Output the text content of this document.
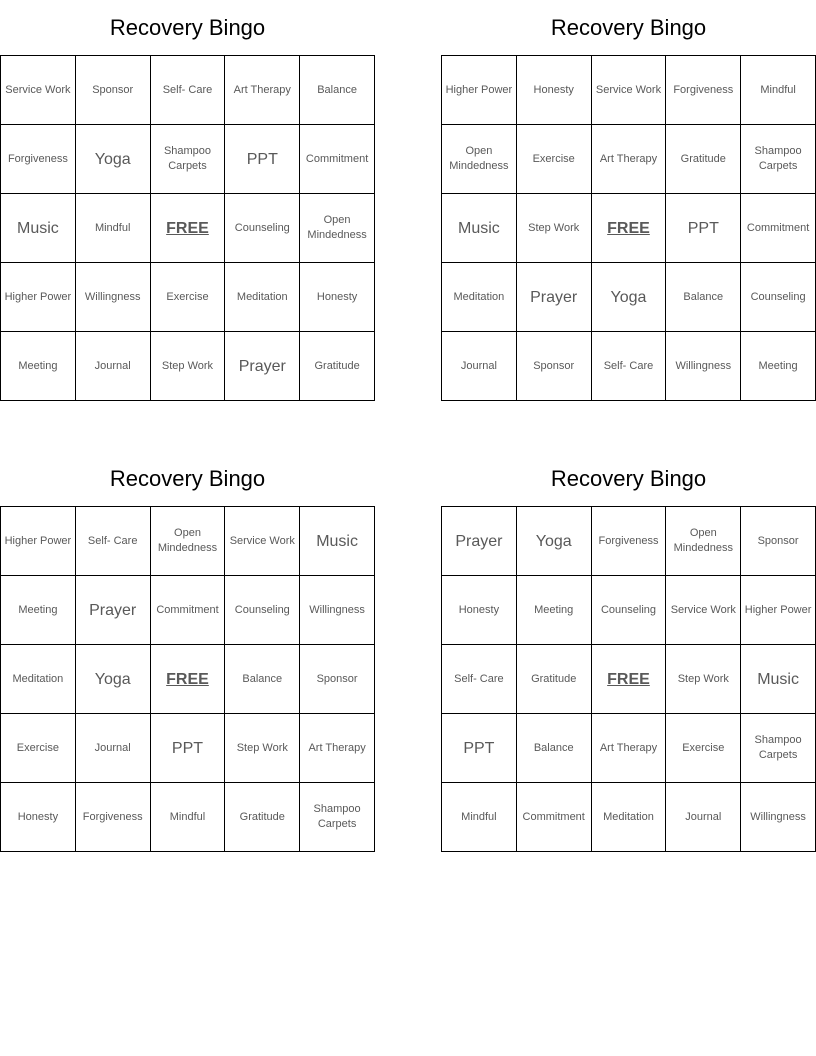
Recovery Bingo
Service Work	Sponsor	Self- Care	Art Therapy	Balance
Forgiveness	Yoga	Shampoo Carpets	PPT	Commitment
Music	Mindful	FREE	Counseling	Open Mindedness
Higher Power	Willingness	Exercise	Meditation	Honesty
Meeting	Journal	Step Work	Prayer	Gratitude
Recovery Bingo
Higher Power	Honesty	Service Work	Forgiveness	Mindful
Open Mindedness	Exercise	Art Therapy	Gratitude	Shampoo Carpets
Music	Step Work	FREE	PPT	Commitment
Meditation	Prayer	Yoga	Balance	Counseling
Journal	Sponsor	Self- Care	Willingness	Meeting
Recovery Bingo
Higher Power	Self- Care	Open Mindedness	Service Work	Music
Meeting	Prayer	Commitment	Counseling	Willingness
Meditation	Yoga	FREE	Balance	Sponsor
Exercise	Journal	PPT	Step Work	Art Therapy
Honesty	Forgiveness	Mindful	Gratitude	Shampoo Carpets
Recovery Bingo
Prayer	Yoga	Forgiveness	Open Mindedness	Sponsor
Honesty	Meeting	Counseling	Service Work	Higher Power
Self- Care	Gratitude	FREE	Step Work	Music
PPT	Balance	Art Therapy	Exercise	Shampoo Carpets
Mindful	Commitment	Meditation	Journal	Willingness
